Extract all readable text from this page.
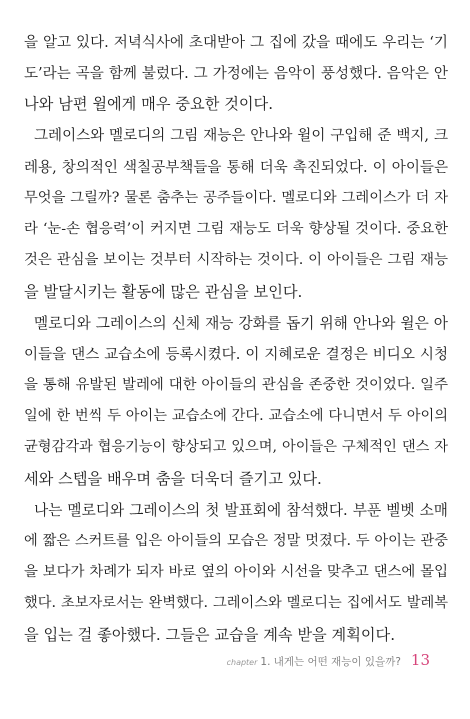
을 알고 있다. 저녁식사에 초대받아 그 집에 갔을 때에도 우리는 ‘기
도’라는 곡을 함께 불렀다. 그 가정에는 음악이 풍성했다. 음악은 안
나와 남편 윌에게 매우 중요한 것이다.
그레이스와 멜로디의 그림 재능은 안나와 윌이 구입해 준 백지, 크
레용, 창의적인 색칠공부책들을 통해 더욱 촉진되었다. 이 아이들은
무엇을 그릴까? 물론 춤추는 공주들이다. 멜로디와 그레이스가 더 자
라 ‘눈-손 협응력’이 커지면 그림 재능도 더욱 향상될 것이다. 중요한
것은 관심을 보이는 것부터 시작하는 것이다. 이 아이들은 그림 재능
을 발달시키는 활동에 많은 관심을 보인다.
멜로디와 그레이스의 신체 재능 강화를 돕기 위해 안나와 윌은 아
이들을 댄스 교습소에 등록시켰다. 이 지혜로운 결정은 비디오 시청
을 통해 유발된 발레에 대한 아이들의 관심을 존중한 것이었다. 일주
일에 한 번씩 두 아이는 교습소에 간다. 교습소에 다니면서 두 아이의
균형감각과 협응기능이 향상되고 있으며, 아이들은 구체적인 댄스 자
세와 스텝을 배우며 춤을 더욱더 즐기고 있다.
나는 멜로디와 그레이스의 첫 발표회에 참석했다. 부푼 벨벳 소매
에 짧은 스커트를 입은 아이들의 모습은 정말 멋졌다. 두 아이는 관중
을 보다가 차례가 되자 바로 옆의 아이와 시선을 맞추고 댄스에 몰입
했다. 초보자로서는 완벽했다. 그레이스와 멜로디는 집에서도 발레복
을 입는 걸 좋아했다. 그들은 교습을 계속 받을 계획이다.
chapter 1. 내게는 어떤 재능이 있을까? 13
